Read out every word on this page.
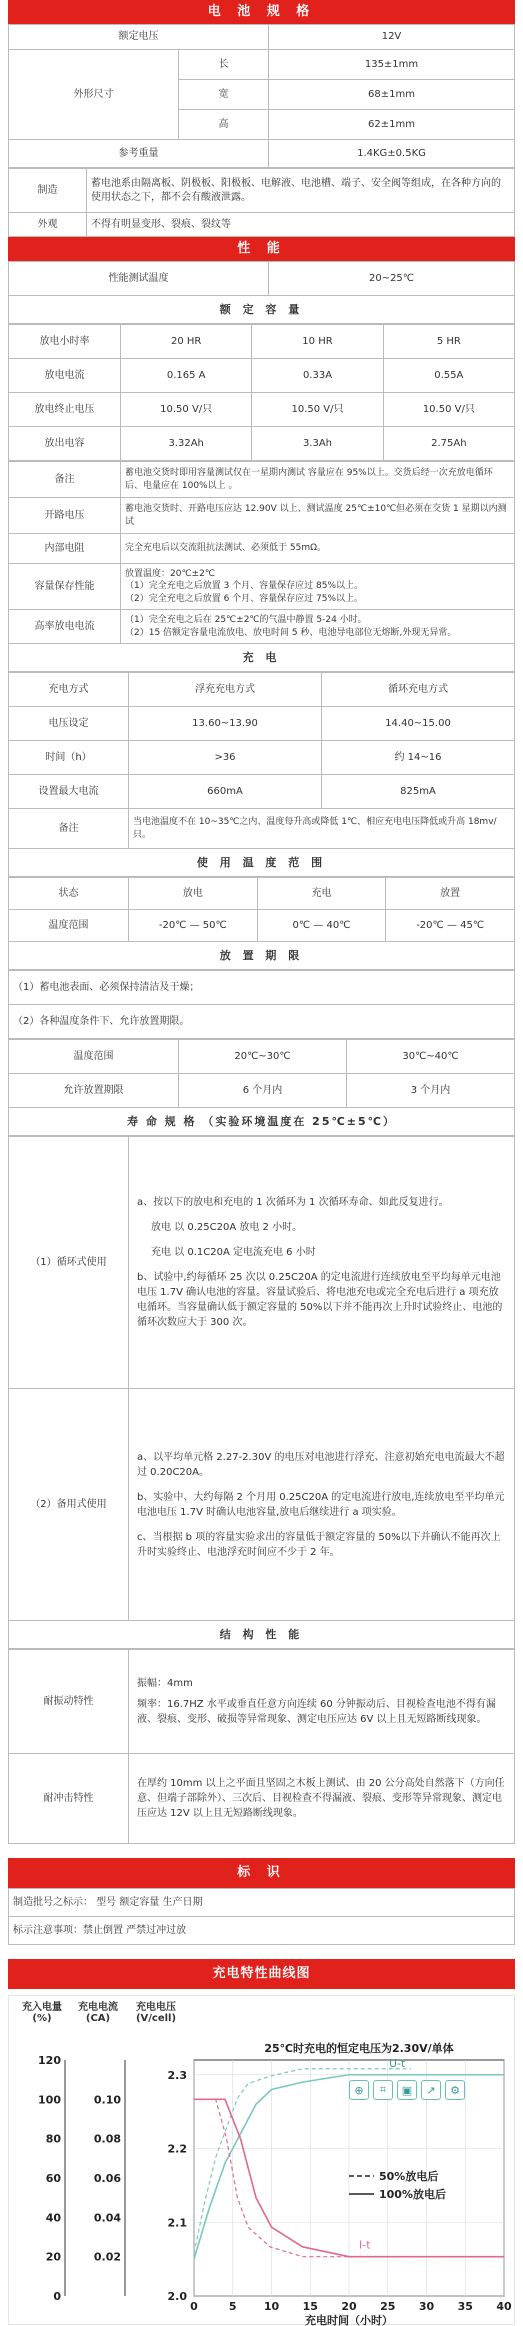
电 池 规 格
额定电压		12V
外形尺寸	长	135±1mm
	宽	68±1mm
	高	62±1mm
参考重量		1.4KG±0.5KG
制造	蓄电池系由隔离板、阴极板、阳极板、电解液、电池槽、端子、安全阀等组成，在各种方向的使用状态之下，都不会有酸液泄露。
外观	不得有明显变形、裂痕、裂纹等
性 能
性能测试温度	20~25℃
额 定 容 量
放电小时率	20 HR	10 HR	5 HR
放电电流	0.165 A	0.33A	0.55A
放电终止电压	10.50 V/只	10.50 V/只	10.50 V/只
放出电容	3.32Ah	3.3Ah	2.75Ah
备注	蓄电池交货时即用容量测试仅在一星期内测试 容量应在 95%以上。交货后经一次充放电循环后、电量应在 100%以上 。
开路电压	蓄电池交货时、开路电压应达 12.90V 以上、测试温度 25℃±10℃但必须在交货 1 星期以内测试
内部电阻	完全充电后以交流阻抗法测试、必须低于 55mΩ。
容量保存性能	放置温度：20℃±2℃
（1）完全充电之后放置 3 个月、容量保存应过 85%以上。
（2）完全充电之后放置 6 个月、容量保存应过 75%以上。

高率放电电流	（1）完全充电之后在 25℃±2℃的气温中静置 5-24 小时。
（2）15 倍额定容量电流放电、放电时间 5 秒、电池导电部位无熔断,外现无异常。
充 电
充电方式	浮充充电方式	循环充电方式
电压设定	13.60~13.90	14.40~15.00
时间（h）	>36	约 14~16
设置最大电流	660mA	825mA
备注	当电池温度不在 10~35℃之内、温度每升高或降低 1℃、相应充电电压降低或升高 18mv/只。	
使 用 温 度 范 围
状态	放电	充电	放置
温度范围	-20℃ — 50℃	0℃ — 40℃	-20℃ — 45℃
放 置 期 限
（1）蓄电池表面、必须保持清洁及干燥；
（2）各种温度条件下、允许放置期限。
温度范围	20℃~30℃	30℃~40℃
允许放置期限	6 个月内	3 个月内
寿 命 规 格 （实验环境温度在 25℃±5℃）
（1）循环式使用	a、按以下的放电和充电的 1 次循环为 1 次循环寿命、如此反复进行。

放电 以 0.25C20A 放电 2 小时。

充电 以 0.1C20A 定电流充电 6 小时

b、试验中,约每循环 25 次以 0.25C20A 的定电流进行连续放电至平均每单元电池电压 1.7V 确认电池的容量。容量试验后、将电池充电或完全充电后进行 a 项充放电循环。当容量确认低于额定容量的 50%以下并不能再次上升时试验终止、电池的循环次数应大于 300 次。

（2）备用式使用	a、以平均单元格 2.27-2.30V 的电压对电池进行浮充、注意初始充电电流最大不超过 0.20C20A。

b、实验中、大约每隔 2 个月用 0.25C20A 的定电流进行放电,连续放电至平均单元电池电压 1.7V 时确认电池容量,放电后继续进行 a 项实验。

c、当根据 b 项的容量实验求出的容量低于额定容量的 50%以下并确认不能再次上升时实验终止、电池浮充时间应不少于 2 年。

结 构 性 能
耐振动特性	振幅：4mm
频率：16.7HZ 水平或垂直任意方向连续 60 分钟振动后、目视检查电池不得有漏液、裂痕、变形、破损等异常现象、测定电压应达 6V 以上且无短路断线现象。

耐冲击特性	在厚约 10mm 以上之平面且坚固之木板上测试、由 20 公分高处自然落下（方向任意、但端子部除外）、三次后、目视检查不得漏液、裂痕、变形等异常现象、测定电压应达 12V 以上且无短路断线现象。
标 识
制造批号之标示： 型号 额定容量 生产日期
标示注意事项：禁止倒置 严禁过冲过放
充电特性曲线图
充入电量(%)
充电电流(CA)
充电电压(V/cell)
0	5 10 15 20 25 30 35 40
0
20
40
60
80
100
120
0.02
0.04
0.06
0.08
0.10
2.0
2.1
2.2
2.3
25℃时充电的恒定电压为2.30V/单体
充电时间（小时）
U-t
I-t
50%放电后
100%放电后
⊕	⌗	▣	↗	⚙
